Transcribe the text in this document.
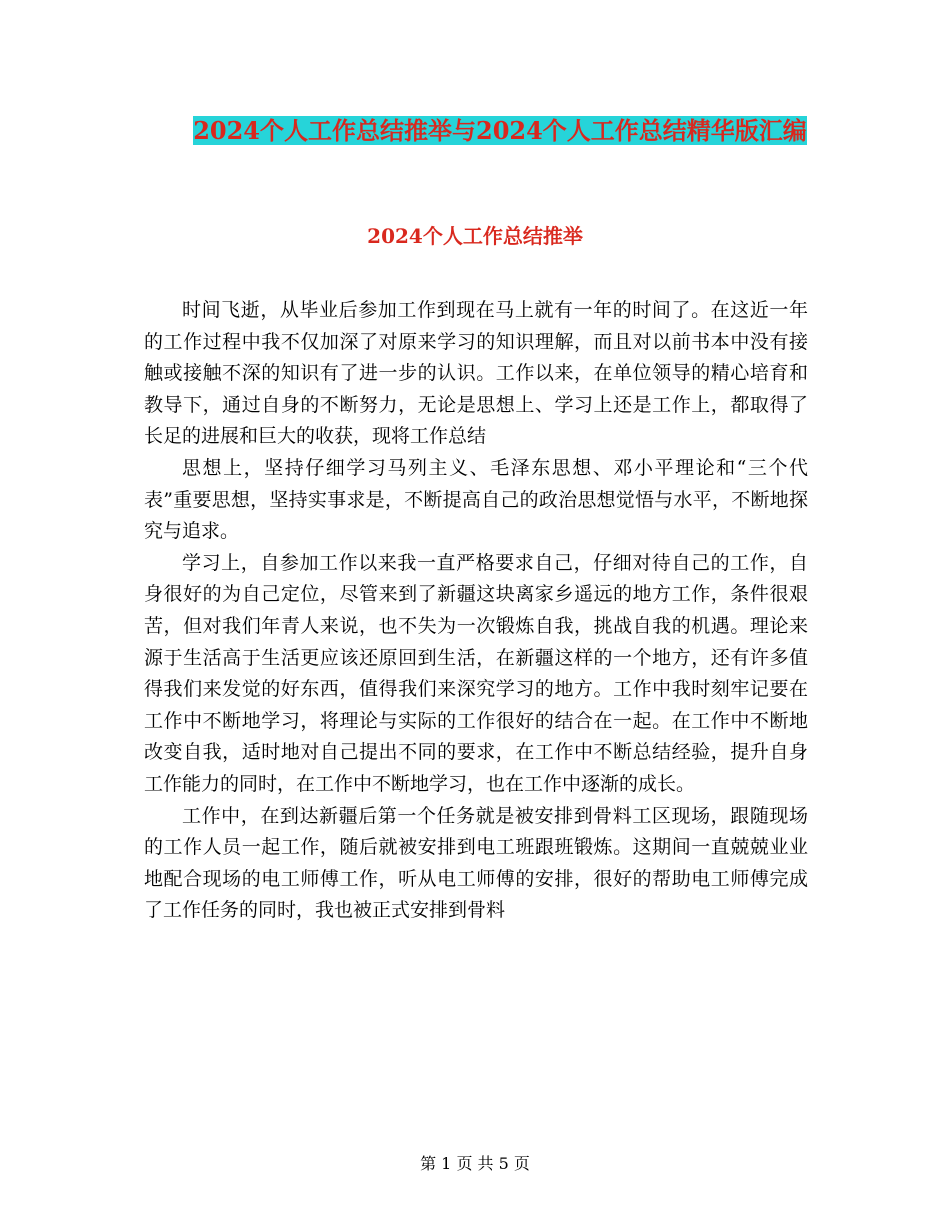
2024个人工作总结推举与2024个人工作总结精华版汇编
2024个人工作总结推举

时间飞逝，从毕业后参加工作到现在马上就有一年的时间了。在这近一年的工作过程中我不仅加深了对原来学习的知识理解，而且对以前书本中没有接触或接触不深的知识有了进一步的认识。工作以来，在单位领导的精心培育和教导下，通过自身的不断努力，无论是思想上、学习上还是工作上，都取得了长足的进展和巨大的收获，现将工作总结

思想上，坚持仔细学习马列主义、毛泽东思想、邓小平理论和“三个代表”重要思想，坚持实事求是，不断提高自己的政治思想觉悟与水平，不断地探究与追求。

学习上，自参加工作以来我一直严格要求自己，仔细对待自己的工作，自身很好的为自己定位，尽管来到了新疆这块离家乡遥远的地方工作，条件很艰苦，但对我们年青人来说，也不失为一次锻炼自我，挑战自我的机遇。理论来源于生活高于生活更应该还原回到生活，在新疆这样的一个地方，还有许多值得我们来发觉的好东西，值得我们来深究学习的地方。工作中我时刻牢记要在工作中不断地学习，将理论与实际的工作很好的结合在一起。在工作中不断地改变自我，适时地对自己提出不同的要求，在工作中不断总结经验，提升自身工作能力的同时，在工作中不断地学习，也在工作中逐渐的成长。

工作中，在到达新疆后第一个任务就是被安排到骨料工区现场，跟随现场的工作人员一起工作，随后就被安排到电工班跟班锻炼。这期间一直兢兢业业地配合现场的电工师傅工作，听从电工师傅的安排，很好的帮助电工师傅完成了工作任务的同时，我也被正式安排到骨料

第 1 页 共 5 页
